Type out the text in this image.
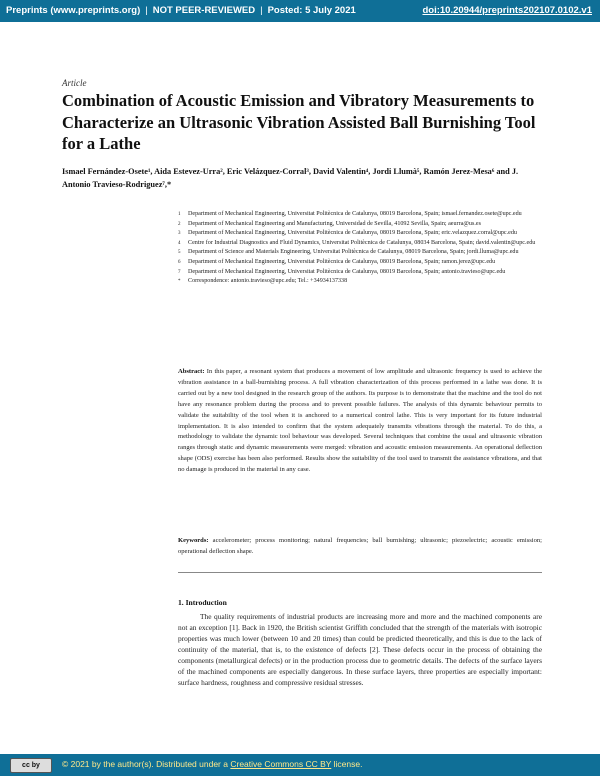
Preprints (www.preprints.org) | NOT PEER-REVIEWED | Posted: 5 July 2021	doi:10.20944/preprints202107.0102.v1
Article
Combination of Acoustic Emission and Vibratory Measurements to Characterize an Ultrasonic Vibration Assisted Ball Burnishing Tool for a Lathe
Ismael Fernández-Osete¹, Aida Estevez-Urra², Eric Velázquez-Corral³, David Valentin⁴, Jordi Llumà⁵, Ramón Jerez-Mesa⁶ and J. Antonio Travieso-Rodriguez⁷,*
1 Department of Mechanical Engineering, Universitat Politècnica de Catalunya, 08019 Barcelona, Spain; ismael.fernandez.osete@upc.edu
2 Department of Mechanical Engineering and Manufacturing, Universidad de Sevilla, 41092 Sevilla, Spain; aeurra@us.es
3 Department of Mechanical Engineering, Universitat Politècnica de Catalunya, 08019 Barcelona, Spain; eric.velazquez.corral@upc.edu
4 Centre for Industrial Diagnostics and Fluid Dynamics, Universitat Politècnica de Catalunya, 08034 Barcelona, Spain; david.valentin@upc.edu
5 Department of Science and Materials Engineering, Universitat Politècnica de Catalunya, 08019 Barcelona, Spain; jordi.lluma@upc.edu
6 Department of Mechanical Engineering, Universitat Politècnica de Catalunya, 08019 Barcelona, Spain; ramon.jerez@upc.edu
7 Department of Mechanical Engineering, Universitat Politècnica de Catalunya, 08019 Barcelona, Spain; antonio.travieso@upc.edu
* Correspondence: antonio.travieso@upc.edu; Tel.: +34934137338

Abstract: In this paper, a resonant system that produces a movement of low amplitude and ultrasonic frequency is used to achieve the vibration assistance in a ball-burnishing process. A full vibration characterization of this process performed in a lathe was done. It is carried out by a new tool designed in the research group of the authors. Its purpose is to demonstrate that the machine and the tool do not have any resonance problem during the process and to prevent possible failures. The analysis of this dynamic behaviour permits to validate the suitability of the tool when it is anchored to a numerical control lathe. This is very important for its future industrial implementation. It is also intended to confirm that the system adequately transmits vibrations through the material. To do this, a methodology to validate the dynamic tool behaviour was developed. Several techniques that combine the usual and ultrasonic vibration ranges through static and dynamic measurements were merged: vibration and acoustic emission measurements. An operational deflection shape (ODS) exercise has been also performed. Results show the suitability of the tool used to transmit the assistance vibrations, and that no damage is produced in the material in any case.

Keywords: accelerometer; process monitoring; natural frequencies; ball burnishing; ultrasonic; piezoelectric; acoustic emission; operational deflection shape.

1. Introduction

The quality requirements of industrial products are increasing more and more and the machined components are not an exception [1]. Back in 1920, the British scientist Griffith concluded that the strength of the materials with isotropic properties was much lower (between 10 and 20 times) than could be predicted theoretically, and this is due to the lack of continuity of the material, that is, to the existence of defects [2]. These defects occur in the process of obtaining the components (metallurgical defects) or in the production process due to geometric details. The defects of the surface layers of the machined components are especially dangerous. In these surface layers, three properties are especially important: surface hardness, roughness and compressive residual stresses.

cc by	© 2021 by the author(s). Distributed under a Creative Commons CC BY license.
